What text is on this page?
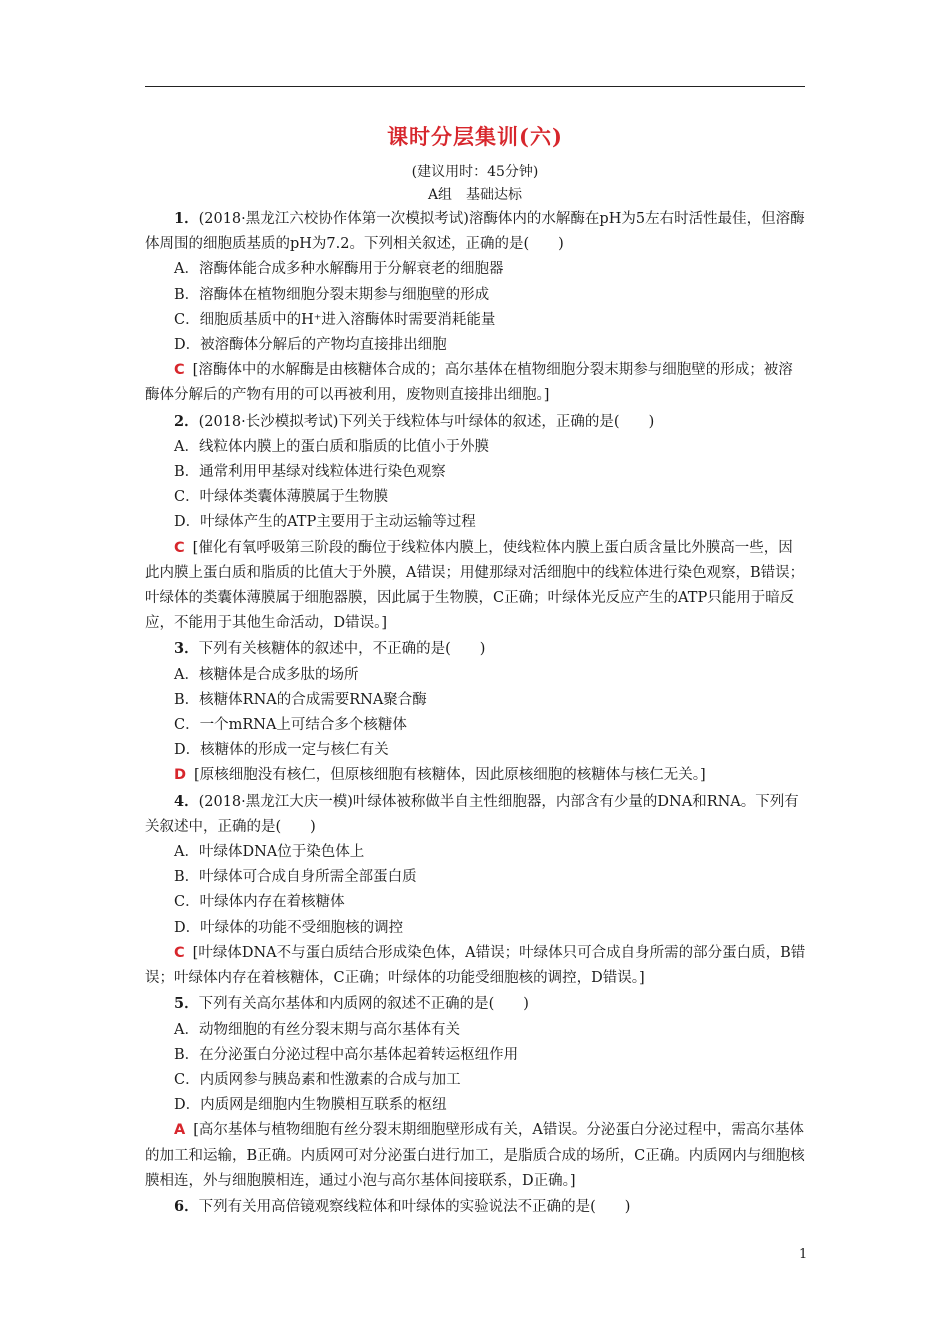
课时分层集训(六)
(建议用时：45分钟)
A组　基础达标

1．(2018·黑龙江六校协作体第一次模拟考试)溶酶体内的水解酶在pH为5左右时活性最佳，但溶酶体周围的细胞质基质的pH为7.2。下列相关叙述，正确的是(　　)

A．溶酶体能合成多种水解酶用于分解衰老的细胞器

B．溶酶体在植物细胞分裂末期参与细胞壁的形成

C．细胞质基质中的H⁺进入溶酶体时需要消耗能量

D．被溶酶体分解后的产物均直接排出细胞

C [溶酶体中的水解酶是由核糖体合成的；高尔基体在植物细胞分裂末期参与细胞壁的形成；被溶酶体分解后的产物有用的可以再被利用，废物则直接排出细胞。]

2．(2018·长沙模拟考试)下列关于线粒体与叶绿体的叙述，正确的是(　　)

A．线粒体内膜上的蛋白质和脂质的比值小于外膜

B．通常利用甲基绿对线粒体进行染色观察

C．叶绿体类囊体薄膜属于生物膜

D．叶绿体产生的ATP主要用于主动运输等过程

C [催化有氧呼吸第三阶段的酶位于线粒体内膜上，使线粒体内膜上蛋白质含量比外膜高一些，因此内膜上蛋白质和脂质的比值大于外膜，A错误；用健那绿对活细胞中的线粒体进行染色观察，B错误；叶绿体的类囊体薄膜属于细胞器膜，因此属于生物膜，C正确；叶绿体光反应产生的ATP只能用于暗反应，不能用于其他生命活动，D错误。]

3．下列有关核糖体的叙述中，不正确的是(　　)

A．核糖体是合成多肽的场所

B．核糖体RNA的合成需要RNA聚合酶

C．一个mRNA上可结合多个核糖体

D．核糖体的形成一定与核仁有关

D [原核细胞没有核仁，但原核细胞有核糖体，因此原核细胞的核糖体与核仁无关。]

4．(2018·黑龙江大庆一模)叶绿体被称做半自主性细胞器，内部含有少量的DNA和RNA。下列有关叙述中，正确的是(　　)

A．叶绿体DNA位于染色体上

B．叶绿体可合成自身所需全部蛋白质

C．叶绿体内存在着核糖体

D．叶绿体的功能不受细胞核的调控

C [叶绿体DNA不与蛋白质结合形成染色体，A错误；叶绿体只可合成自身所需的部分蛋白质，B错误；叶绿体内存在着核糖体，C正确；叶绿体的功能受细胞核的调控，D错误。]

5．下列有关高尔基体和内质网的叙述不正确的是(　　)

A．动物细胞的有丝分裂末期与高尔基体有关

B．在分泌蛋白分泌过程中高尔基体起着转运枢纽作用

C．内质网参与胰岛素和性激素的合成与加工

D．内质网是细胞内生物膜相互联系的枢纽

A [高尔基体与植物细胞有丝分裂末期细胞壁形成有关，A错误。分泌蛋白分泌过程中，需高尔基体的加工和运输，B正确。内质网可对分泌蛋白进行加工，是脂质合成的场所，C正确。内质网内与细胞核膜相连，外与细胞膜相连，通过小泡与高尔基体间接联系，D正确。]

6．下列有关用高倍镜观察线粒体和叶绿体的实验说法不正确的是(　　)

1
